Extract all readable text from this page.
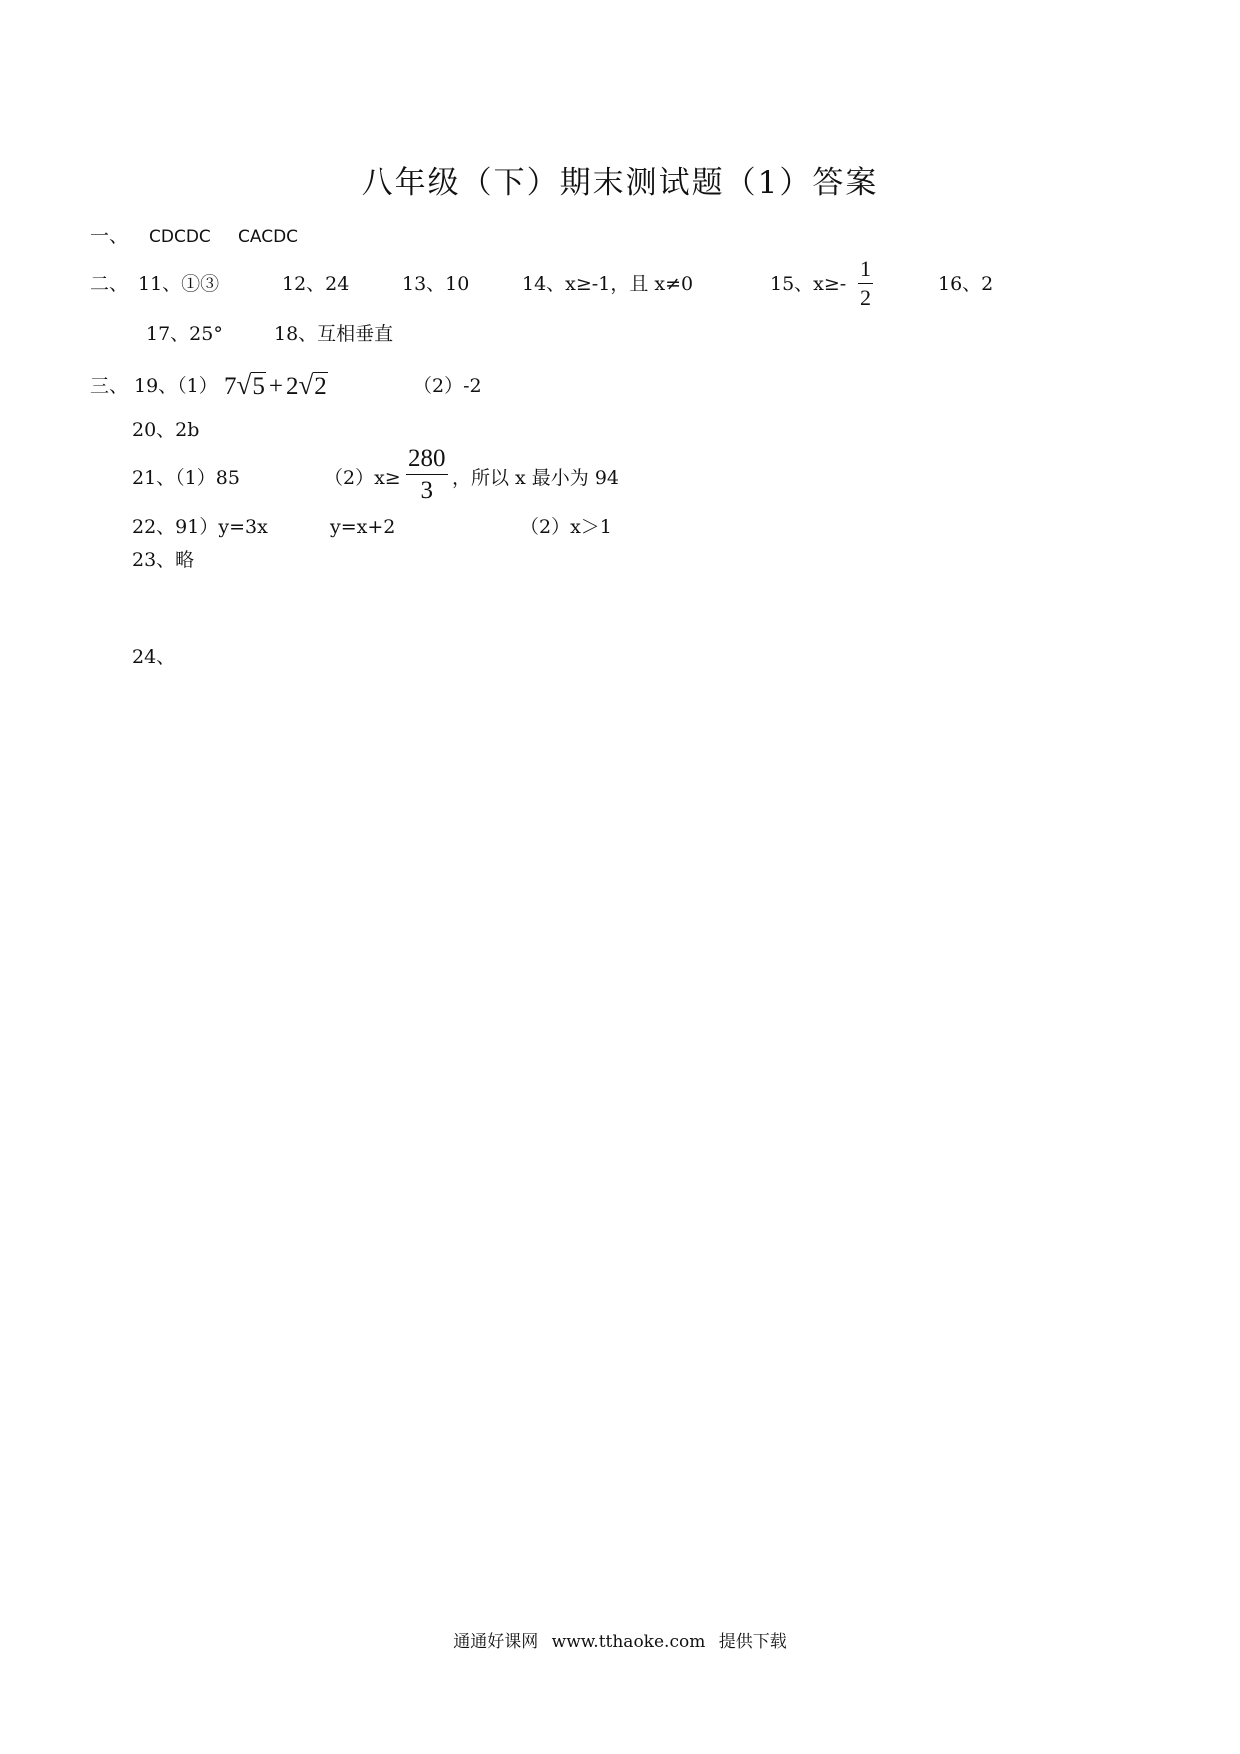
八年级（下）期末测试题（1）答案
一、 CDCDC CACDC
二、 11、①③	12、24	13、10	14、x≥-1，且 x≠0	15、$x\ge- \frac{1}{2}$	16、2
17、25°	18、互相垂直
三、 19、（1） 7√5 + 2√2	（2）-2
20、2b
21、（1）85	$(2)x\ge \frac{280}{3}$ ，所以 x 最小为 94
22、91）y=3x	y=x+2	（2）x＞1
23、略
24、
通通好课网 www.tthaoke.com 提供下载
